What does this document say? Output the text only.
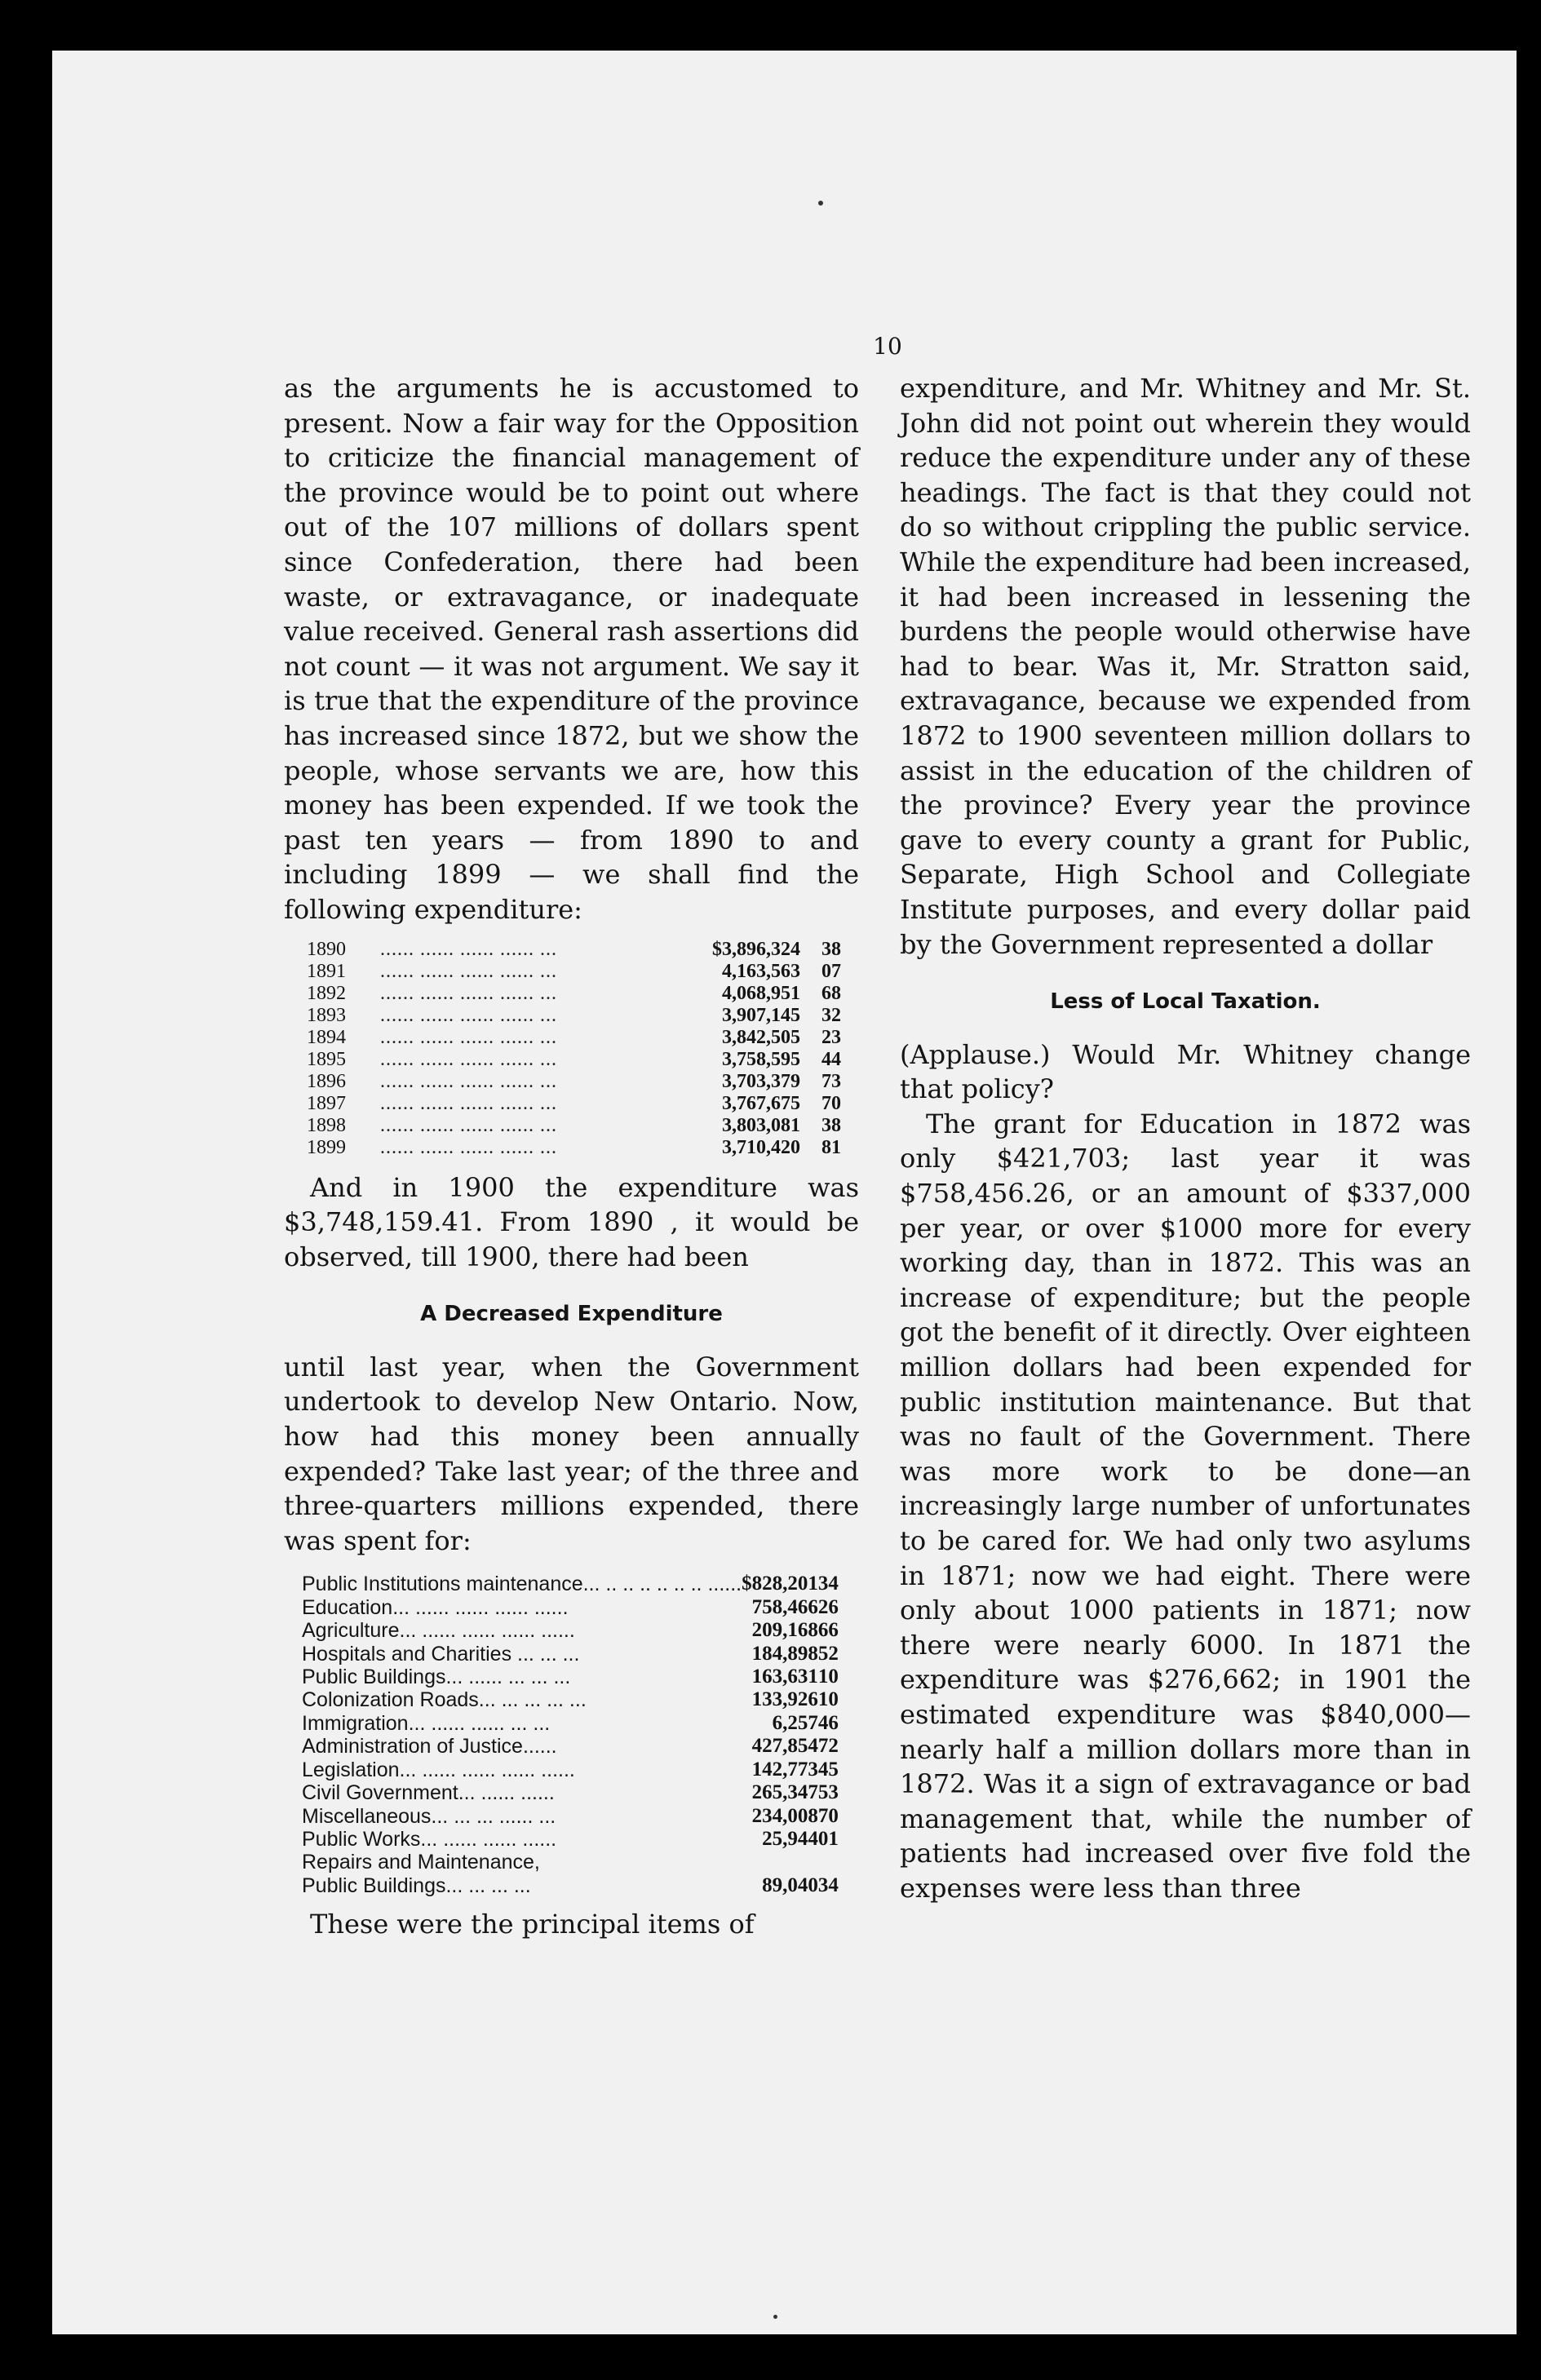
10

as the arguments he is accustomed to present. Now a fair way for the Opposition to criticize the financial management of the province would be to point out where out of the 107 millions of dollars spent since Confederation, there had been waste, or extravagance, or inadequate value received. General rash assertions did not count — it was not argument. We say it is true that the expenditure of the province has increased since 1872, but we show the people, whose servants we are, how this money has been expended. If we took the past ten years — from 1890 to and including 1899 — we shall find the following expenditure:

1890	...... ...... ...... ...... ...	$3,896,324	38
1891	...... ...... ...... ...... ...	4,163,563	07
1892	...... ...... ...... ...... ...	4,068,951	68
1893	...... ...... ...... ...... ...	3,907,145	32
1894	...... ...... ...... ...... ...	3,842,505	23
1895	...... ...... ...... ...... ...	3,758,595	44
1896	...... ...... ...... ...... ...	3,703,379	73
1897	...... ...... ...... ...... ...	3,767,675	70
1898	...... ...... ...... ...... ...	3,803,081	38
1899	...... ...... ...... ...... ...	3,710,420	81

And in 1900 the expenditure was $3,748,159.41. From 1890 , it would be observed, till 1900, there had been

A Decreased Expenditure

until last year, when the Government undertook to develop New Ontario. Now, how had this money been annually expended? Take last year; of the three and three-quarters millions expended, there was spent for:

Public Institutions maintenance... .. .. .. .. .. .. ......	$828,201	34
Education... ...... ...... ...... ......	758,466	26
Agriculture... ...... ...... ...... ......	209,168	66
Hospitals and Charities ... ... ...	184,898	52
Public Buildings... ...... ... ... ...	163,631	10
Colonization Roads... ... ... ... ...	133,926	10
Immigration... ...... ...... ... ...	6,257	46
Administration of Justice......	427,854	72
Legislation... ...... ...... ...... ......	142,773	45
Civil Government... ...... ......	265,347	53
Miscellaneous... ... ... ...... ...	234,008	70
Public Works... ...... ...... ......	25,944	01
Repairs and Maintenance,		
Public Buildings... ... ... ...	89,040	34

These were the principal items of

expenditure, and Mr. Whitney and Mr. St. John did not point out wherein they would reduce the expenditure under any of these headings. The fact is that they could not do so without crippling the public service. While the expenditure had been increased, it had been increased in lessening the burdens the people would otherwise have had to bear. Was it, Mr. Stratton said, extravagance, because we expended from 1872 to 1900 seventeen million dollars to assist in the education of the children of the province? Every year the province gave to every county a grant for Public, Separate, High School and Collegiate Institute purposes, and every dollar paid by the Government represented a dollar

Less of Local Taxation.

(Applause.) Would Mr. Whitney change that policy?

The grant for Education in 1872 was only $421,703; last year it was $758,456.26, or an amount of $337,000 per year, or over $1000 more for every working day, than in 1872. This was an increase of expenditure; but the people got the benefit of it directly. Over eighteen million dollars had been expended for public institution maintenance. But that was no fault of the Government. There was more work to be done—an increasingly large number of unfortunates to be cared for. We had only two asylums in 1871; now we had eight. There were only about 1000 patients in 1871; now there were nearly 6000. In 1871 the expenditure was $276,662; in 1901 the estimated expenditure was $840,000—nearly half a million dollars more than in 1872. Was it a sign of extravagance or bad management that, while the number of patients had increased over five fold the expenses were less than three
